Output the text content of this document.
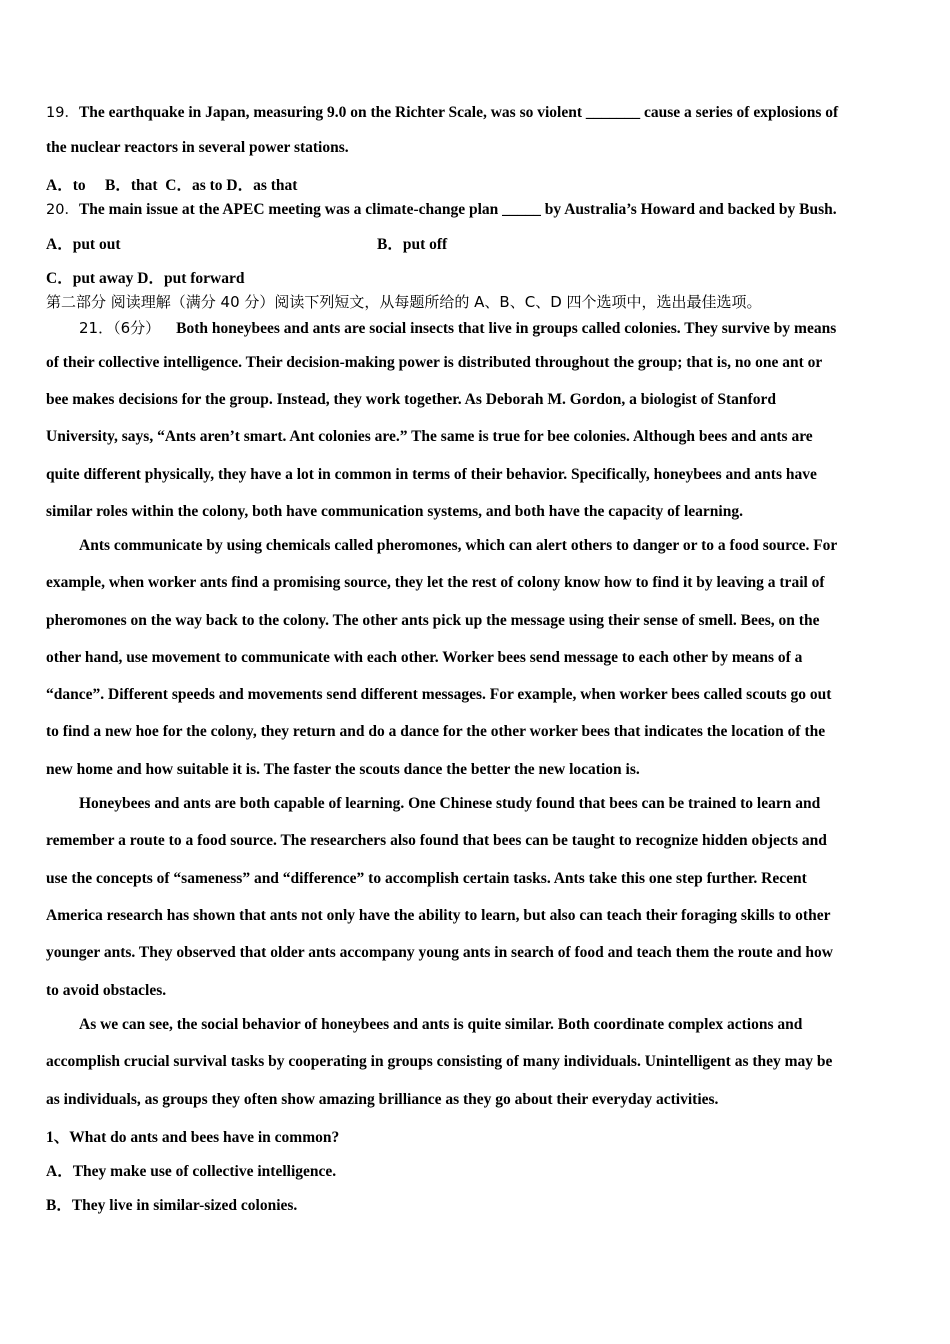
19．The earthquake in Japan, measuring 9.0 on the Richter Scale, was so violent _______ cause a series of explosions of
the nuclear reactors in several power stations.
A．to     B．that  C．as to D．as that
20．The main issue at the APEC meeting was a climate-change plan _____ by Australia’s Howard and backed by Bush.
A．put out	B．put off
C．put away D．put forward
第二部分 阅读理解（满分 40 分）阅读下列短文，从每题所给的 A、B、C、D 四个选项中，选出最佳选项。
21．（6分） Both honeybees and ants are social insects that live in groups called colonies. They survive by means
of their collective intelligence. Their decision-making power is distributed throughout the group; that is, no one ant or
bee makes decisions for the group. Instead, they work together. As Deborah M. Gordon, a biologist of Stanford
University, says, “Ants aren’t smart. Ant colonies are.” The same is true for bee colonies. Although bees and ants are
quite different physically, they have a lot in common in terms of their behavior. Specifically, honeybees and ants have
similar roles within the colony, both have communication systems, and both have the capacity of learning.
Ants communicate by using chemicals called pheromones, which can alert others to danger or to a food source. For
example, when worker ants find a promising source, they let the rest of colony know how to find it by leaving a trail of
pheromones on the way back to the colony. The other ants pick up the message using their sense of smell. Bees, on the
other hand, use movement to communicate with each other. Worker bees send message to each other by means of a
“dance”. Different speeds and movements send different messages. For example, when worker bees called scouts go out
to find a new hoe for the colony, they return and do a dance for the other worker bees that indicates the location of the
new home and how suitable it is. The faster the scouts dance the better the new location is.
Honeybees and ants are both capable of learning. One Chinese study found that bees can be trained to learn and
remember a route to a food source. The researchers also found that bees can be taught to recognize hidden objects and
use the concepts of “sameness” and “difference” to accomplish certain tasks. Ants take this one step further. Recent
America research has shown that ants not only have the ability to learn, but also can teach their foraging skills to other
younger ants. They observed that older ants accompany young ants in search of food and teach them the route and how
to avoid obstacles.
As we can see, the social behavior of honeybees and ants is quite similar. Both coordinate complex actions and
accomplish crucial survival tasks by cooperating in groups consisting of many individuals. Unintelligent as they may be
as individuals, as groups they often show amazing brilliance as they go about their everyday activities.
1、What do ants and bees have in common?
A．They make use of collective intelligence.
B．They live in similar-sized colonies.
